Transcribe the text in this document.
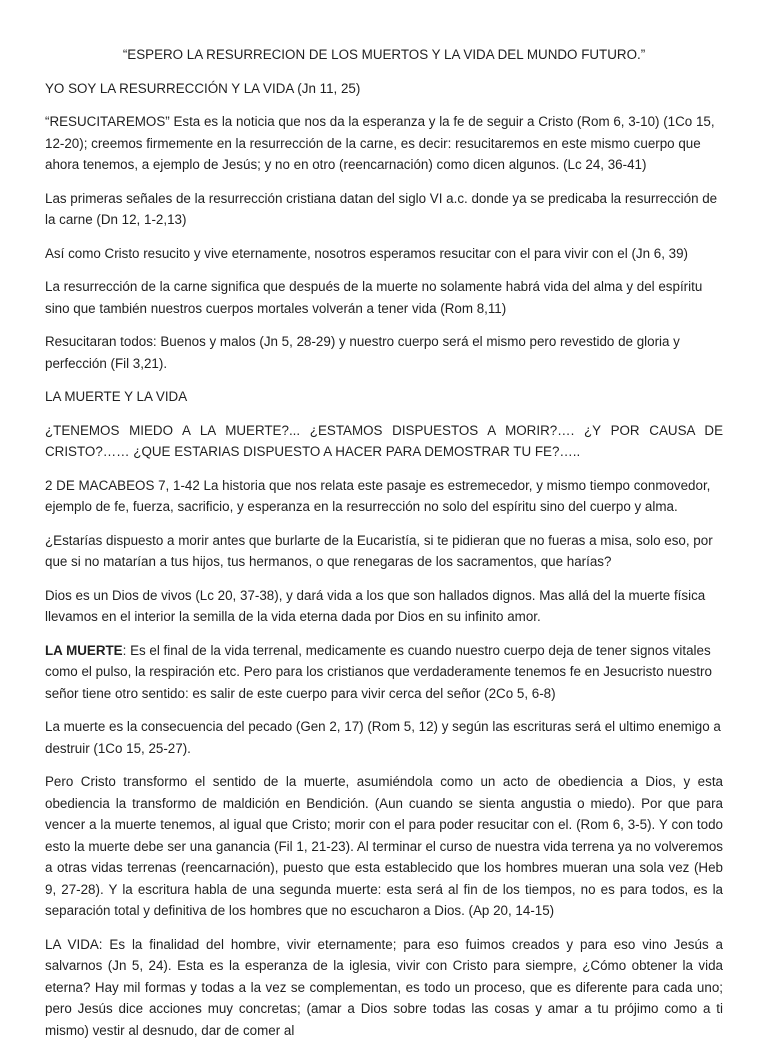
“ESPERO LA RESURRECION DE LOS MUERTOS Y LA VIDA DEL MUNDO FUTURO.”

YO SOY LA RESURRECCIÓN Y LA VIDA (Jn 11, 25)

“RESUCITAREMOS” Esta es la noticia que nos da la esperanza y la fe de seguir a Cristo (Rom 6, 3-10) (1Co 15, 12-20); creemos firmemente en la resurrección de la carne, es decir: resucitaremos en este mismo cuerpo que ahora tenemos, a ejemplo de Jesús; y no en otro (reencarnación) como dicen algunos. (Lc 24, 36-41)

Las primeras señales de la resurrección cristiana datan del siglo VI a.c. donde ya se predicaba la resurrección de la carne (Dn 12, 1-2,13)

Así como Cristo resucito y vive eternamente, nosotros esperamos resucitar con el para vivir con el (Jn 6, 39)

La resurrección de la carne significa que después de la muerte no solamente habrá vida del alma y del espíritu sino que también nuestros cuerpos mortales volverán a tener vida (Rom 8,11)

Resucitaran todos: Buenos y malos (Jn 5, 28-29) y nuestro cuerpo será el mismo pero revestido de gloria y perfección (Fil 3,21).

LA MUERTE Y LA VIDA

¿TENEMOS MIEDO A LA MUERTE?... ¿ESTAMOS DISPUESTOS A MORIR?…. ¿Y POR CAUSA DE CRISTO?…… ¿QUE ESTARIAS DISPUESTO A HACER PARA DEMOSTRAR TU FE?…..

2 DE MACABEOS 7, 1-42 La historia que nos relata este pasaje es estremecedor, y mismo tiempo conmovedor, ejemplo de fe, fuerza, sacrificio, y esperanza en la resurrección no solo del espíritu sino del cuerpo y alma.

¿Estarías dispuesto a morir antes que burlarte de la Eucaristía, si te pidieran que no fueras a misa, solo eso, por que si no matarían a tus hijos, tus hermanos, o que renegaras de los sacramentos, que harías?

Dios es un Dios de vivos (Lc 20, 37-38), y dará vida a los que son hallados dignos. Mas allá del la muerte física llevamos en el interior la semilla de la vida eterna dada por Dios en su infinito amor.

LA MUERTE: Es el final de la vida terrenal, medicamente es cuando nuestro cuerpo deja de tener signos vitales como el pulso, la respiración etc. Pero para los cristianos que verdaderamente tenemos fe en Jesucristo nuestro señor tiene otro sentido: es salir de este cuerpo para vivir cerca del señor (2Co 5, 6-8)

La muerte es la consecuencia del pecado (Gen 2, 17) (Rom 5, 12) y según las escrituras será el ultimo enemigo a destruir (1Co 15, 25-27).

Pero Cristo transformo el sentido de la muerte, asumiéndola como un acto de obediencia a Dios, y esta obediencia la transformo de maldición en Bendición. (Aun cuando se sienta angustia o miedo). Por que para vencer a la muerte tenemos, al igual que Cristo; morir con el para poder resucitar con el. (Rom 6, 3-5). Y con todo esto la muerte debe ser una ganancia (Fil 1, 21-23). Al terminar el curso de nuestra vida terrena ya no volveremos a otras vidas terrenas (reencarnación), puesto que esta establecido que los hombres mueran una sola vez (Heb 9, 27-28). Y la escritura habla de una segunda muerte: esta será al fin de los tiempos, no es para todos, es la separación total y definitiva de los hombres que no escucharon a Dios. (Ap 20, 14-15)

LA VIDA: Es la finalidad del hombre, vivir eternamente; para eso fuimos creados y para eso vino Jesús a salvarnos (Jn 5, 24). Esta es la esperanza de la iglesia, vivir con Cristo para siempre, ¿Cómo obtener la vida eterna? Hay mil formas y todas a la vez se complementan, es todo un proceso, que es diferente para cada uno; pero Jesús dice acciones muy concretas; (amar a Dios sobre todas las cosas y amar a tu prójimo como a ti mismo) vestir al desnudo, dar de comer al
